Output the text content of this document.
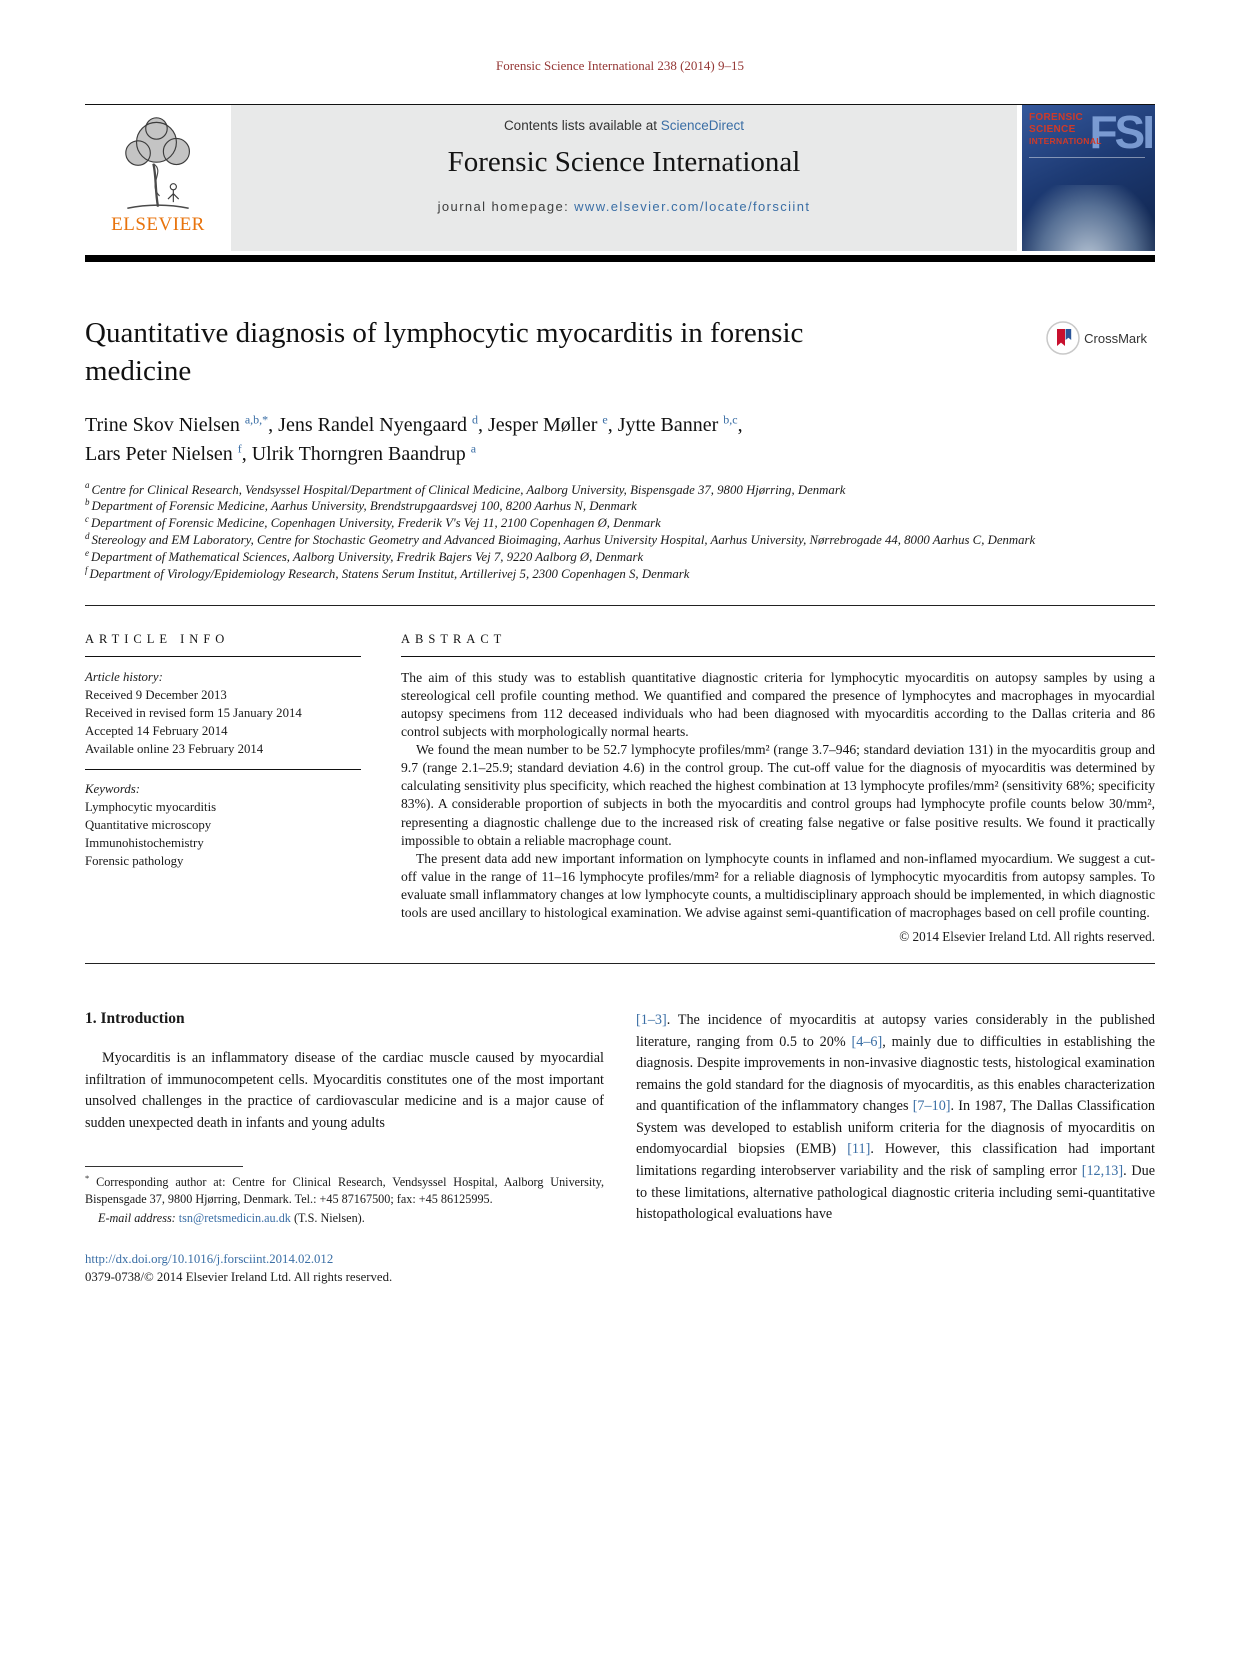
Forensic Science International 238 (2014) 9–15
ELSEVIER
Contents lists available at ScienceDirect
Forensic Science International
journal homepage: www.elsevier.com/locate/forsciint
FSI
FORENSIC
SCIENCE
INTERNATIONAL
Quantitative diagnosis of lymphocytic myocarditis in forensic medicine
CrossMark
Trine Skov Nielsen $^{a,b,*}$, Jens Randel Nyengaard $^d$, Jesper Møller $^e$, Jytte Banner $^{b,c}$,
Lars Peter Nielsen $^f$, Ulrik Thorngren Baandrup $^a$
$^a$ Centre for Clinical Research, Vendsyssel Hospital/Department of Clinical Medicine, Aalborg University, Bispensgade 37, 9800 Hjørring, Denmark
$^b$ Department of Forensic Medicine, Aarhus University, Brendstrupgaardsvej 100, 8200 Aarhus N, Denmark
$^c$ Department of Forensic Medicine, Copenhagen University, Frederik V's Vej 11, 2100 Copenhagen Ø, Denmark
$^d$ Stereology and EM Laboratory, Centre for Stochastic Geometry and Advanced Bioimaging, Aarhus University Hospital, Aarhus University, Nørrebrogade 44, 8000 Aarhus C, Denmark
$^e$ Department of Mathematical Sciences, Aalborg University, Fredrik Bajers Vej 7, 9220 Aalborg Ø, Denmark
$^f$ Department of Virology/Epidemiology Research, Statens Serum Institut, Artillerivej 5, 2300 Copenhagen S, Denmark
ARTICLE INFO
Article history:
Received 9 December 2013
Received in revised form 15 January 2014
Accepted 14 February 2014
Available online 23 February 2014
Keywords:
Lymphocytic myocarditis
Quantitative microscopy
Immunohistochemistry
Forensic pathology
ABSTRACT

The aim of this study was to establish quantitative diagnostic criteria for lymphocytic myocarditis on autopsy samples by using a stereological cell profile counting method. We quantified and compared the presence of lymphocytes and macrophages in myocardial autopsy specimens from 112 deceased individuals who had been diagnosed with myocarditis according to the Dallas criteria and 86 control subjects with morphologically normal hearts.

We found the mean number to be 52.7 lymphocyte profiles/mm² (range 3.7–946; standard deviation 131) in the myocarditis group and 9.7 (range 2.1–25.9; standard deviation 4.6) in the control group. The cut-off value for the diagnosis of myocarditis was determined by calculating sensitivity plus specificity, which reached the highest combination at 13 lymphocyte profiles/mm² (sensitivity 68%; specificity 83%). A considerable proportion of subjects in both the myocarditis and control groups had lymphocyte profile counts below 30/mm², representing a diagnostic challenge due to the increased risk of creating false negative or false positive results. We found it practically impossible to obtain a reliable macrophage count.

The present data add new important information on lymphocyte counts in inflamed and non-inflamed myocardium. We suggest a cut-off value in the range of 11–16 lymphocyte profiles/mm² for a reliable diagnosis of lymphocytic myocarditis from autopsy samples. To evaluate small inflammatory changes at low lymphocyte counts, a multidisciplinary approach should be implemented, in which diagnostic tools are used ancillary to histological examination. We advise against semi-quantification of macrophages based on cell profile counting.

© 2014 Elsevier Ireland Ltd. All rights reserved.
1. Introduction

Myocarditis is an inflammatory disease of the cardiac muscle caused by myocardial infiltration of immunocompetent cells. Myocarditis constitutes one of the most important unsolved challenges in the practice of cardiovascular medicine and is a major cause of sudden unexpected death in infants and young adults

* Corresponding author at: Centre for Clinical Research, Vendsyssel Hospital, Aalborg University, Bispensgade 37, 9800 Hjørring, Denmark. Tel.: +45 87167500; fax: +45 86125995.

E-mail address: tsn@retsmedicin.au.dk (T.S. Nielsen).

[1–3]. The incidence of myocarditis at autopsy varies considerably in the published literature, ranging from 0.5 to 20% [4–6], mainly due to difficulties in establishing the diagnosis. Despite improvements in non-invasive diagnostic tests, histological examination remains the gold standard for the diagnosis of myocarditis, as this enables characterization and quantification of the inflammatory changes [7–10]. In 1987, The Dallas Classification System was developed to establish uniform criteria for the diagnosis of myocarditis on endomyocardial biopsies (EMB) [11]. However, this classification had important limitations regarding interobserver variability and the risk of sampling error [12,13]. Due to these limitations, alternative pathological diagnostic criteria including semi-quantitative histopathological evaluations have

http://dx.doi.org/10.1016/j.forsciint.2014.02.012
0379-0738/© 2014 Elsevier Ireland Ltd. All rights reserved.
